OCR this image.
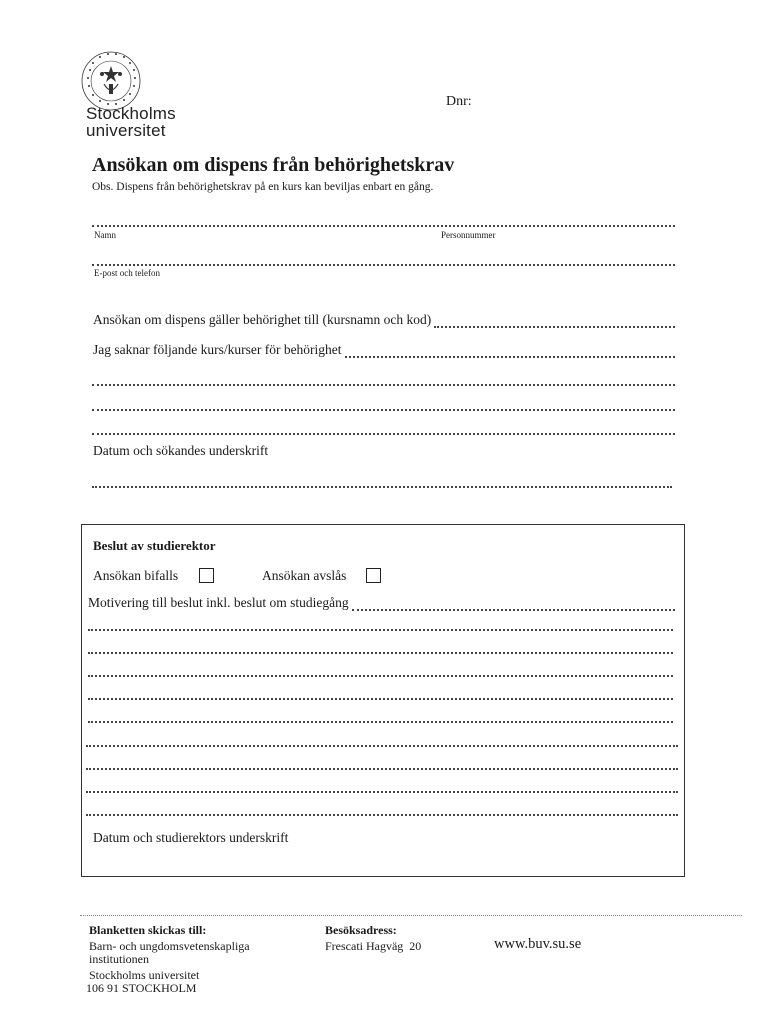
Stockholms
universitet
Dnr:
Ansökan om dispens från behörighetskrav
Obs. Dispens från behörighetskrav på en kurs kan beviljas enbart en gång.
Namn	Personnummer
E-post och telefon
Ansökan om dispens gäller behörighet till (kursnamn och kod)
Jag saknar följande kurs/kurser för behörighet
Datum och sökandes underskrift
Beslut av studierektor
Ansökan bifalls	Ansökan avslås
Motivering till beslut inkl. beslut om studiegång
Datum och studierektors underskrift
Blanketten skickas till:
Barn- och ungdomsvetenskapliga
institutionen
Stockholms universitet
106 91 STOCKHOLM
Besöksadress:
Frescati Hagväg  20	www.buv.su.se
